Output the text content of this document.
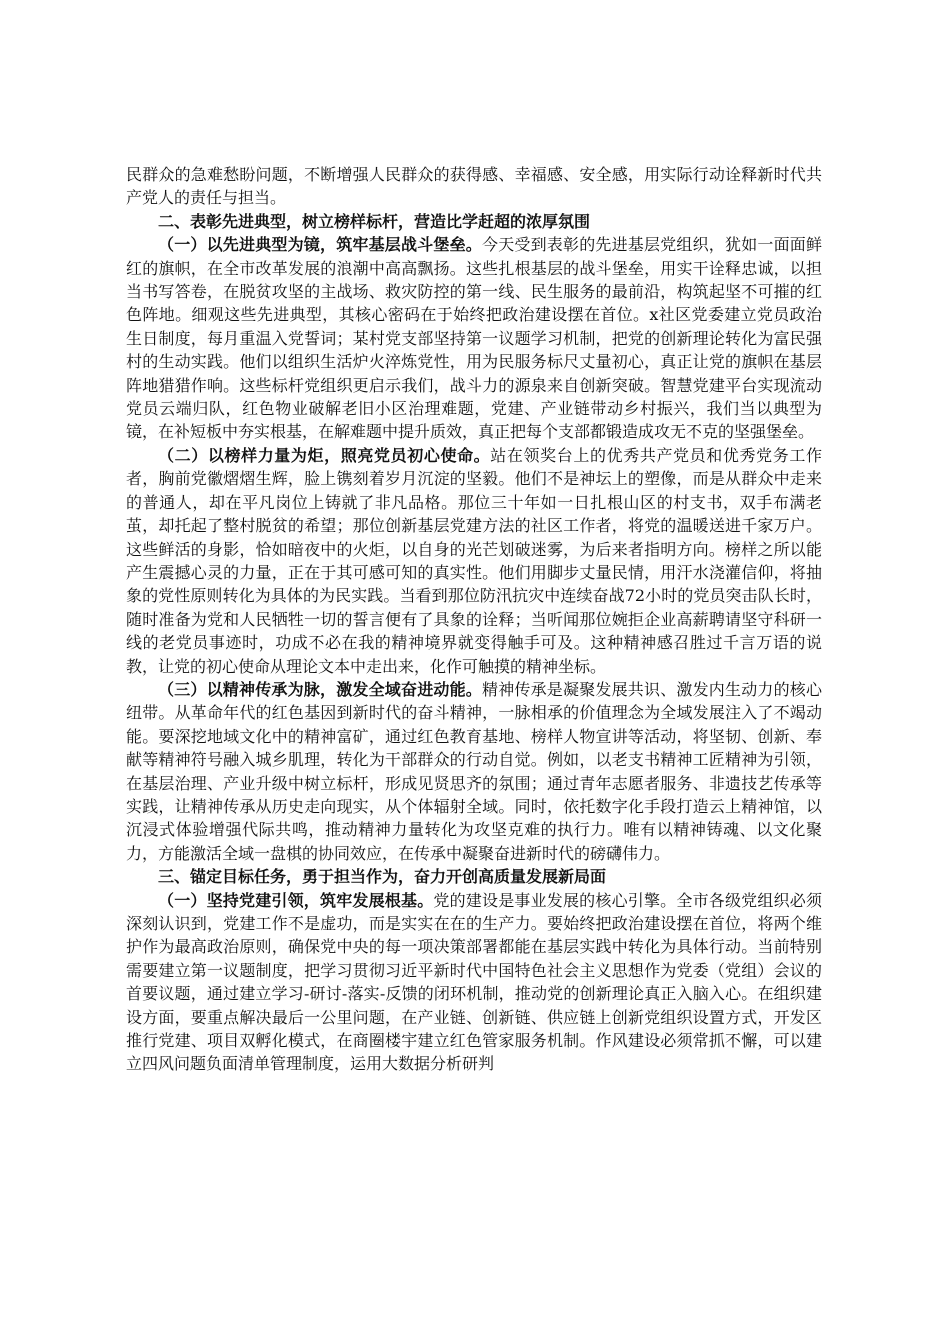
民群众的急难愁盼问题，不断增强人民群众的获得感、幸福感、安全感，用实际行动诠释新时代共产党人的责任与担当。

二、表彰先进典型，树立榜样标杆，营造比学赶超的浓厚氛围

（一）以先进典型为镜，筑牢基层战斗堡垒。今天受到表彰的先进基层党组织，犹如一面面鲜红的旗帜，在全市改革发展的浪潮中高高飘扬。这些扎根基层的战斗堡垒，用实干诠释忠诚，以担当书写答卷，在脱贫攻坚的主战场、救灾防控的第一线、民生服务的最前沿，构筑起坚不可摧的红色阵地。细观这些先进典型，其核心密码在于始终把政治建设摆在首位。x社区党委建立党员政治生日制度，每月重温入党誓词；某村党支部坚持第一议题学习机制，把党的创新理论转化为富民强村的生动实践。他们以组织生活炉火淬炼党性，用为民服务标尺丈量初心，真正让党的旗帜在基层阵地猎猎作响。这些标杆党组织更启示我们，战斗力的源泉来自创新突破。智慧党建平台实现流动党员云端归队，红色物业破解老旧小区治理难题，党建、产业链带动乡村振兴，我们当以典型为镜，在补短板中夯实根基，在解难题中提升质效，真正把每个支部都锻造成攻无不克的坚强堡垒。

（二）以榜样力量为炬，照亮党员初心使命。站在领奖台上的优秀共产党员和优秀党务工作者，胸前党徽熠熠生辉，脸上镌刻着岁月沉淀的坚毅。他们不是神坛上的塑像，而是从群众中走来的普通人，却在平凡岗位上铸就了非凡品格。那位三十年如一日扎根山区的村支书，双手布满老茧，却托起了整村脱贫的希望；那位创新基层党建方法的社区工作者，将党的温暖送进千家万户。这些鲜活的身影，恰如暗夜中的火炬，以自身的光芒划破迷雾，为后来者指明方向。榜样之所以能产生震撼心灵的力量，正在于其可感可知的真实性。他们用脚步丈量民情，用汗水浇灌信仰，将抽象的党性原则转化为具体的为民实践。当看到那位防汛抗灾中连续奋战72小时的党员突击队长时，随时准备为党和人民牺牲一切的誓言便有了具象的诠释；当听闻那位婉拒企业高薪聘请坚守科研一线的老党员事迹时，功成不必在我的精神境界就变得触手可及。这种精神感召胜过千言万语的说教，让党的初心使命从理论文本中走出来，化作可触摸的精神坐标。

（三）以精神传承为脉，激发全域奋进动能。精神传承是凝聚发展共识、激发内生动力的核心纽带。从革命年代的红色基因到新时代的奋斗精神，一脉相承的价值理念为全域发展注入了不竭动能。要深挖地域文化中的精神富矿，通过红色教育基地、榜样人物宣讲等活动，将坚韧、创新、奉献等精神符号融入城乡肌理，转化为干部群众的行动自觉。例如，以老支书精神工匠精神为引领，在基层治理、产业升级中树立标杆，形成见贤思齐的氛围；通过青年志愿者服务、非遗技艺传承等实践，让精神传承从历史走向现实，从个体辐射全域。同时，依托数字化手段打造云上精神馆，以沉浸式体验增强代际共鸣，推动精神力量转化为攻坚克难的执行力。唯有以精神铸魂、以文化聚力，方能激活全域一盘棋的协同效应，在传承中凝聚奋进新时代的磅礴伟力。

三、锚定目标任务，勇于担当作为，奋力开创高质量发展新局面

（一）坚持党建引领，筑牢发展根基。党的建设是事业发展的核心引擎。全市各级党组织必须深刻认识到，党建工作不是虚功，而是实实在在的生产力。要始终把政治建设摆在首位，将两个维护作为最高政治原则，确保党中央的每一项决策部署都能在基层实践中转化为具体行动。当前特别需要建立第一议题制度，把学习贯彻习近平新时代中国特色社会主义思想作为党委（党组）会议的首要议题，通过建立学习-研讨-落实-反馈的闭环机制，推动党的创新理论真正入脑入心。在组织建设方面，要重点解决最后一公里问题，在产业链、创新链、供应链上创新党组织设置方式，开发区推行党建、项目双孵化模式，在商圈楼宇建立红色管家服务机制。作风建设必须常抓不懈，可以建立四风问题负面清单管理制度，运用大数据分析研判
